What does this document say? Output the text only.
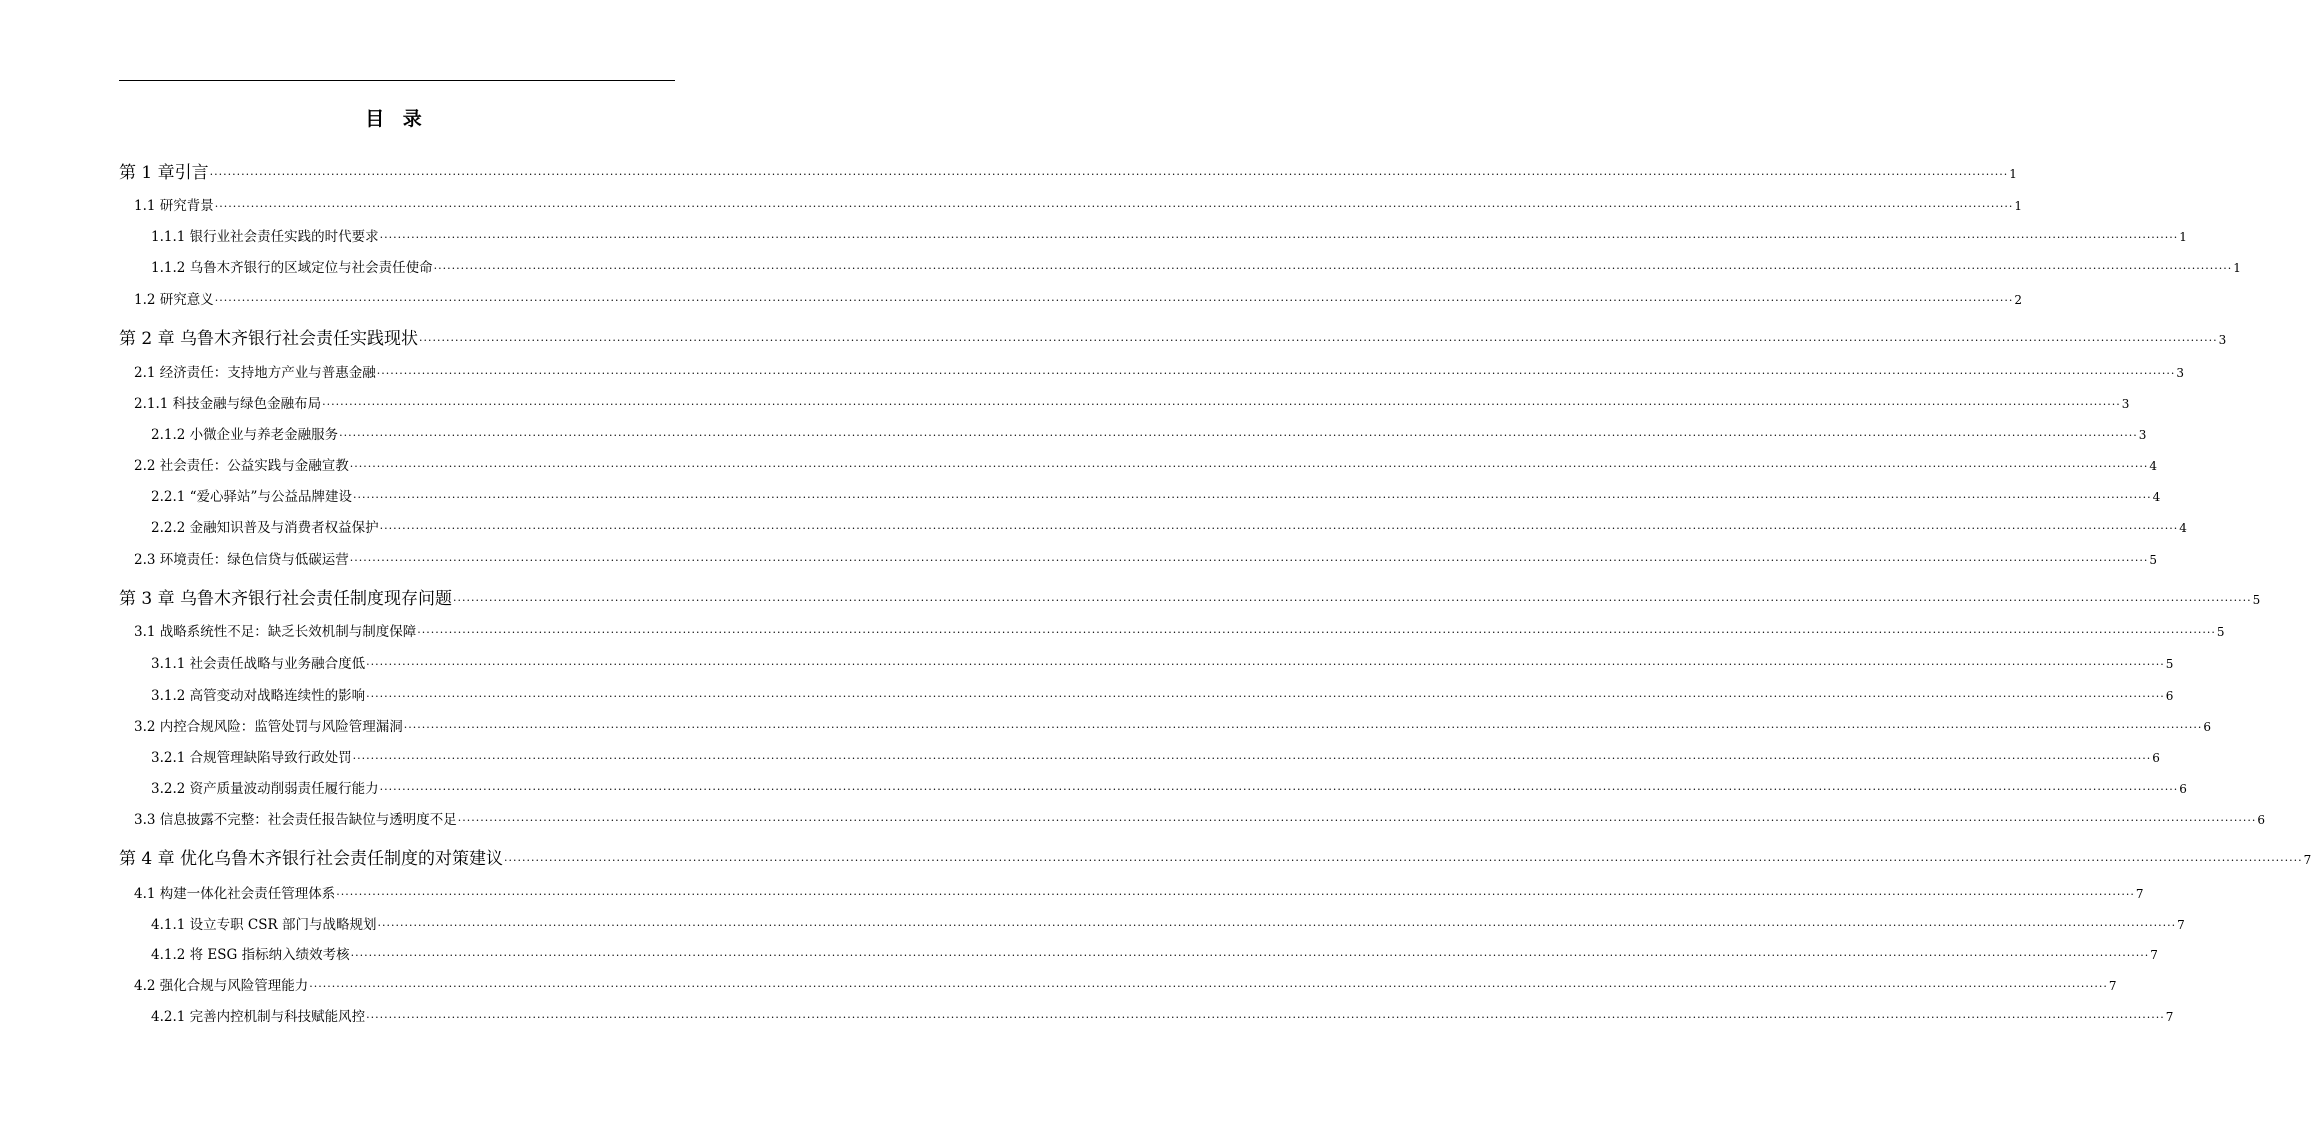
目 录
第 1 章引言 ················································································································································································································································································································································································································ 1
1.1 研究背景 ················································································································································································································································································································································································································ 1
1.1.1 银行业社会责任实践的时代要求 ················································································································································································································································································································································································································ 1
1.1.2 乌鲁木齐银行的区域定位与社会责任使命 ················································································································································································································································································································································································································ 1
1.2 研究意义 ················································································································································································································································································································································································································ 2
第 2 章 乌鲁木齐银行社会责任实践现状 ················································································································································································································································································································································································································ 3
2.1 经济责任：支持地方产业与普惠金融 ················································································································································································································································································································································································································ 3
2.1.1 科技金融与绿色金融布局 ················································································································································································································································································································································································································ 3
2.1.2 小微企业与养老金融服务 ················································································································································································································································································································································································································ 3
2.2 社会责任：公益实践与金融宣教 ················································································································································································································································································································································································································ 4
2.2.1 “爱心驿站”与公益品牌建设 ················································································································································································································································································································································································································ 4
2.2.2 金融知识普及与消费者权益保护 ················································································································································································································································································································································································································ 4
2.3 环境责任：绿色信贷与低碳运营 ················································································································································································································································································································································································································ 5
第 3 章 乌鲁木齐银行社会责任制度现存问题 ················································································································································································································································································································································································································ 5
3.1 战略系统性不足：缺乏长效机制与制度保障 ················································································································································································································································································································································································································ 5
3.1.1 社会责任战略与业务融合度低 ················································································································································································································································································································································································································ 5
3.1.2 高管变动对战略连续性的影响 ················································································································································································································································································································································································································ 6
3.2 内控合规风险：监管处罚与风险管理漏洞 ················································································································································································································································································································································································································ 6
3.2.1 合规管理缺陷导致行政处罚 ················································································································································································································································································································································································································ 6
3.2.2 资产质量波动削弱责任履行能力 ················································································································································································································································································································································································································ 6
3.3 信息披露不完整：社会责任报告缺位与透明度不足 ················································································································································································································································································································································································································ 6
第 4 章 优化乌鲁木齐银行社会责任制度的对策建议 ················································································································································································································································································································································································································ 7
4.1 构建一体化社会责任管理体系 ················································································································································································································································································································································································································ 7
4.1.1 设立专职 CSR 部门与战略规划 ················································································································································································································································································································································································································ 7
4.1.2 将 ESG 指标纳入绩效考核 ················································································································································································································································································································································································································ 7
4.2 强化合规与风险管理能力 ················································································································································································································································································································································································································ 7
4.2.1 完善内控机制与科技赋能风控 ················································································································································································································································································································································································································ 7
